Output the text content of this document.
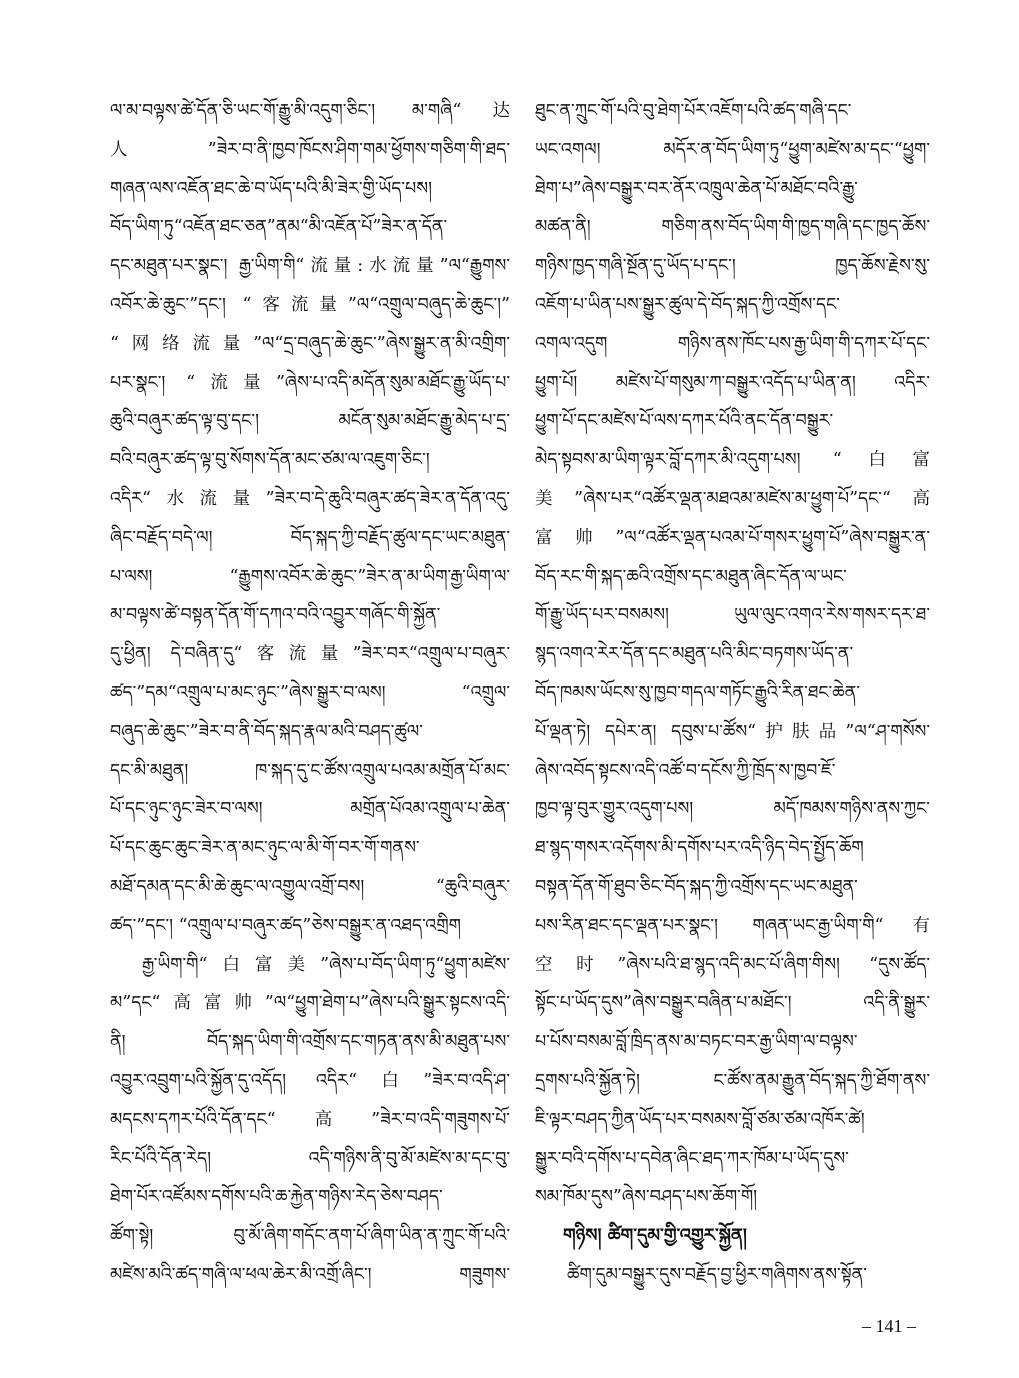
ལ་མ་བལྟས་ཚེ་དོན་ཅི་ཡང་གོ་རྒྱུ་མི་འདུག་ཅིང་། མ་གཞི“达
人”ཟེར་བ་ནི་ཁྱབ་ཁོངས་ཤིག་གམ་ཕྱོགས་གཅིག་གི་ཐད་
གཞན་ལས་འཇོན་ཐང་ཆེ་བ་ཡོད་པའི་མི་ཟེར་གྱི་ཡོད་པས།
བོད་ཡིག་ཏུ“འཇོན་ཐང་ཅན”ནམ“མི་འཇོན་པོ”ཟེར་ན་དོན་
དང་མཐུན་པར་སྣང་། རྒྱ་ཡིག་གི“流量:水流量”ལ“རྒྱུགས་
འབོར་ཆེ་ཆུང་”དང་། “客流量”ལ“འགྲུལ་བཞུད་ཆེ་ཆུང་།”
“网络流量”ལ“དྲ་བཞུད་ཆེ་ཆུང་”ཞེས་སྒྱུར་ན་མི་འགྲིག་
པར་སྣང་། “流量”ཞེས་པ་འདི་མདོན་སུམ་མཐོང་རྒྱུ་ཡོད་པ་
ཆུའི་བཞུར་ཚད་ལྟ་བུ་དང་། མངོན་སུམ་མཐོང་རྒྱུ་མེད་པ་དྲ་
བའི་བཞུར་ཚད་ལྟ་བུ་སོགས་དོན་མང་ཙམ་ལ་འཇུག་ཅིང་།
འདིར“水流量”ཟེར་བ་དེ་ཆུའི་བཞུར་ཚད་ཟེར་ན་དོན་འདུ་
ཞིང་བརྗོད་བདེ་ལ། བོད་སྐད་ཀྱི་བརྗོད་ཚུལ་དང་ཡང་མཐུན་
པ་ལས། “རྒྱུགས་འབོར་ཆེ་ཆུང་”ཟེར་ན་མ་ཡིག་རྒྱ་ཡིག་ལ་
མ་བལྟས་ཚེ་བསྟན་དོན་གོ་དཀའ་བའི་འབྱུར་གཞོང་གི་སྐྱོན་
དུ་ཕྱིན། དེ་བཞིན་དུ“客流量”ཟེར་བར“འགྲུལ་པ་བཞུར་
ཚད་”དམ“འགྲུལ་པ་མང་ཉུང་”ཞེས་སྒྱུར་བ་ལས། “འགྲུལ་
བཞུད་ཆེ་ཆུང་”ཟེར་བ་ནི་བོད་སྐད་རྣལ་མའི་བཤད་ཚུལ་
དང་མི་མཐུན། ཁ་སྐད་དུ་ང་ཚོས་འགྲུལ་པའམ་མགྲོན་པོ་མང་
པོ་དང་ཉུང་ཉུང་ཟེར་བ་ལས། མགྲོན་པོའམ་འགྲུལ་པ་ཆེན་
པོ་དང་ཆུང་ཆུང་ཟེར་ན་མང་ཉུང་ལ་མི་གོ་བར་གོ་གནས་
མཐོ་དམན་དང་མི་ཆེ་ཆུང་ལ་འགྱུལ་འགྲོ་བས། “ཆུའི་བཞུར་
ཚད་”དང་། “འགྲུལ་པ་བཞུར་ཚད”ཅེས་བསྒྱུར་ན་འཐད་འགྲིག
རྒྱ་ཡིག་གི“白富美”ཞེས་པ་བོད་ཡིག་ཏུ“ཕྱུག་མཛེས་
མ”དང“高富帅”ལ“ཕྱུག་ཐེག་པ”ཞེས་པའི་སྒྱུར་སྟངས་འདི་
ནི། བོད་སྐད་ཡིག་གི་འགྲོས་དང་གཏན་ནས་མི་མཐུན་པས་
འབྱུར་འབྲུག་པའི་སྐྱོན་དུ་འདོད། འདིར“白”ཟེར་བ་འདི་ཤ་
མདངས་དཀར་པོའི་དོན་དང“高”ཟེར་བ་འདི་གཟུགས་པོ་
རིང་པོའི་དོན་རེད། འདི་གཉིས་ནི་བུ་མོ་མཛེས་མ་དང་བུ་
ཐེག་པོར་འཛོམས་དགོས་པའི་ཆ་རྐྱེན་གཉིས་རེད་ཅེས་བཤད་
ཚོག་སྟེ། བུ་མོ་ཞིག་གདོང་ནག་པོ་ཞིག་ཡིན་ན་ཀྲུང་གོ་པའི་
མཛེས་མའི་ཚད་གཞི་ལ་ཕལ་ཆེར་མི་འགྲོ་ཞིང་། གཟུགས་
ཐུང་ན་ཀྲུང་གོ་པའི་བུ་ཐེག་པོར་འཇོག་པའི་ཚད་གཞི་དང་
ཡང་འགལ། མདོར་ན་བོད་ཡིག་ཏུ“ཕྱུག་མཛེས་མ་དང་“ཕྱུག་
ཐེག་པ”ཞེས་བསྒྱུར་བར་ནོར་འཁྲུལ་ཆེན་པོ་མཐོང་བའི་རྒྱུ་
མཚན་ནི། གཅིག་ནས་བོད་ཡིག་གི་ཁྱད་གཞི་དང་ཁྱད་ཆོས་
གཉིས་ཁྱད་གཞི་སྔོན་དུ་ཡོད་པ་དང་། ཁྱད་ཆོས་རྗེས་སུ་
འཇོག་པ་ཡིན་པས་སྒྱུར་ཚུལ་དེ་བོད་སྐད་ཀྱི་འགྲོས་དང་
འགལ་འདུག གཉིས་ནས་ཁོང་པས་རྒྱ་ཡིག་གི་དཀར་པོ་དང་
ཕྱུག་པོ། མཛེས་པོ་གསུམ་ཀ་བསྒྱུར་འདོད་པ་ཡིན་ན། འདིར་
ཕྱུག་པོ་དང་མཛེས་པོ་ལས་དཀར་པོའི་ནང་དོན་བསྒྱུར་
མེད་སྟབས་མ་ཡིག་ལྟར་བློ་དཀར་མི་འདུག་པས། “白富
美”ཞེས་པར“འཚོར་ལྡན་མཐའམ་མཛེས་མ་ཕྱུག་པོ”དང་“高
富帅”ལ“འཚོར་ལྡན་པའམ་པོ་གསར་ཕྱུག་པོ”ཞེས་བསྒྱུར་ན་
བོད་རང་གི་སྐད་ཆའི་འགྲོས་དང་མཐུན་ཞིང་དོན་ལ་ཡང་
གོ་རྒྱུ་ཡོད་པར་བསམས། ཡུལ་ལུང་འགའ་རེས་གསར་དར་ཐ་
སྙད་འགའ་རེར་དོན་དང་མཐུན་པའི་མིང་བཏགས་ཡོད་ན་
བོད་ཁམས་ཡོངས་སུ་ཁྱབ་གདལ་གཏོང་རྒྱུའི་རིན་ཐང་ཆེན་
པོ་ལྡན་ཏེ། དཔེར་ན། དབུས་པ་ཚོས“护肤品”ལ“ཤ་གསོས་
ཞེས་འབོད་སྟངས་འདི་འཚོ་བ་དངོས་ཀྱི་ཁྲོད་ས་ཁྱབ་ཇོ་
ཁྱབ་ལྟ་བུར་གྱུར་འདུག་པས། མདོ་ཁམས་གཉིས་ནས་ཀྱང་
ཐ་སྙད་གསར་འདོགས་མི་དགོས་པར་འདི་ཉིད་བེད་སྤྱོད་ཆོག
བསྟན་དོན་གོ་ཐུབ་ཅིང་བོད་སྐད་ཀྱི་འགྲོས་དང་ཡང་མཐུན་
པས་རིན་ཐང་དང་ལྡན་པར་སྣང་། གཞན་ཡང་རྒྱ་ཡིག་གི“有
空时”ཞེས་པའི་ཐ་སྙད་འདི་མང་པོ་ཞིག་གིས། “དུས་ཚོད་
སྟོང་པ་ཡོད་དུས”ཞེས་བསྒྱུར་བཞིན་པ་མཐོང་། འདི་ནི་སྒྱུར་
པ་པོས་བསམ་བློ་ཁྲིད་ནས་མ་བཏང་བར་རྒྱ་ཡིག་ལ་བལྟས་
དྲགས་པའི་སྐྱོན་ཏེ། ང་ཚོས་ནམ་རྒྱུན་བོད་སྐད་ཀྱི་ཐོག་ནས་
ཇི་ལྟར་བཤད་ཀྱིན་ཡོད་པར་བསམས་བློ་ཙམ་ཙམ་འཁོར་ཚེ།
སྒྱུར་བའི་དགོས་པ་དབེན་ཞིང་ཐད་ཀར་ཁོམ་པ་ཡོད་དུས་
སམ་ཁོམ་དུས”ཞེས་བཤད་པས་ཆོག་གོ།
གཉིས། ཚིག་དུམ་གྱི་འགྱུར་སྐྱོན།
ཚིག་དུམ་བསྒྱུར་དུས་བརྗོད་བྱ་ཕྱིར་གཞིགས་ནས་སྟོན་
– 141 –
